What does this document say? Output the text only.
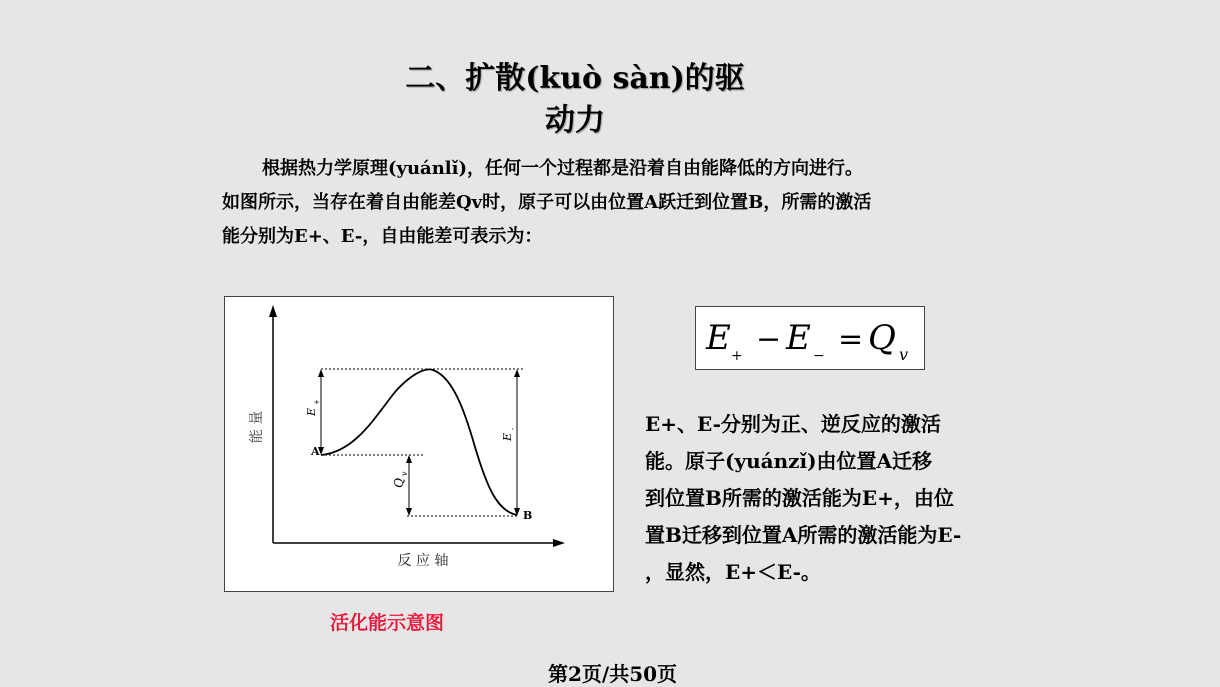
二、扩散(kuò sàn)的驱
动力

根据热力学原理(yuánlǐ)，任何一个过程都是沿着自由能降低的方向进行。

如图所示，当存在着自由能差Qv时，原子可以由位置A跃迁到位置B，所需的激活

能分别为E+、E-，自由能差可表示为：

能 量
反 应 轴
A
B
E
+
E
-
Q
v
E + − E − = Q v

E+、E-分别为正、逆反应的激活

能。原子(yuánzǐ)由位置A迁移

到位置B所需的激活能为E+，由位

置B迁移到位置A所需的激活能为E-

，显然，E+＜E-。

活化能示意图
第2页/共50页
